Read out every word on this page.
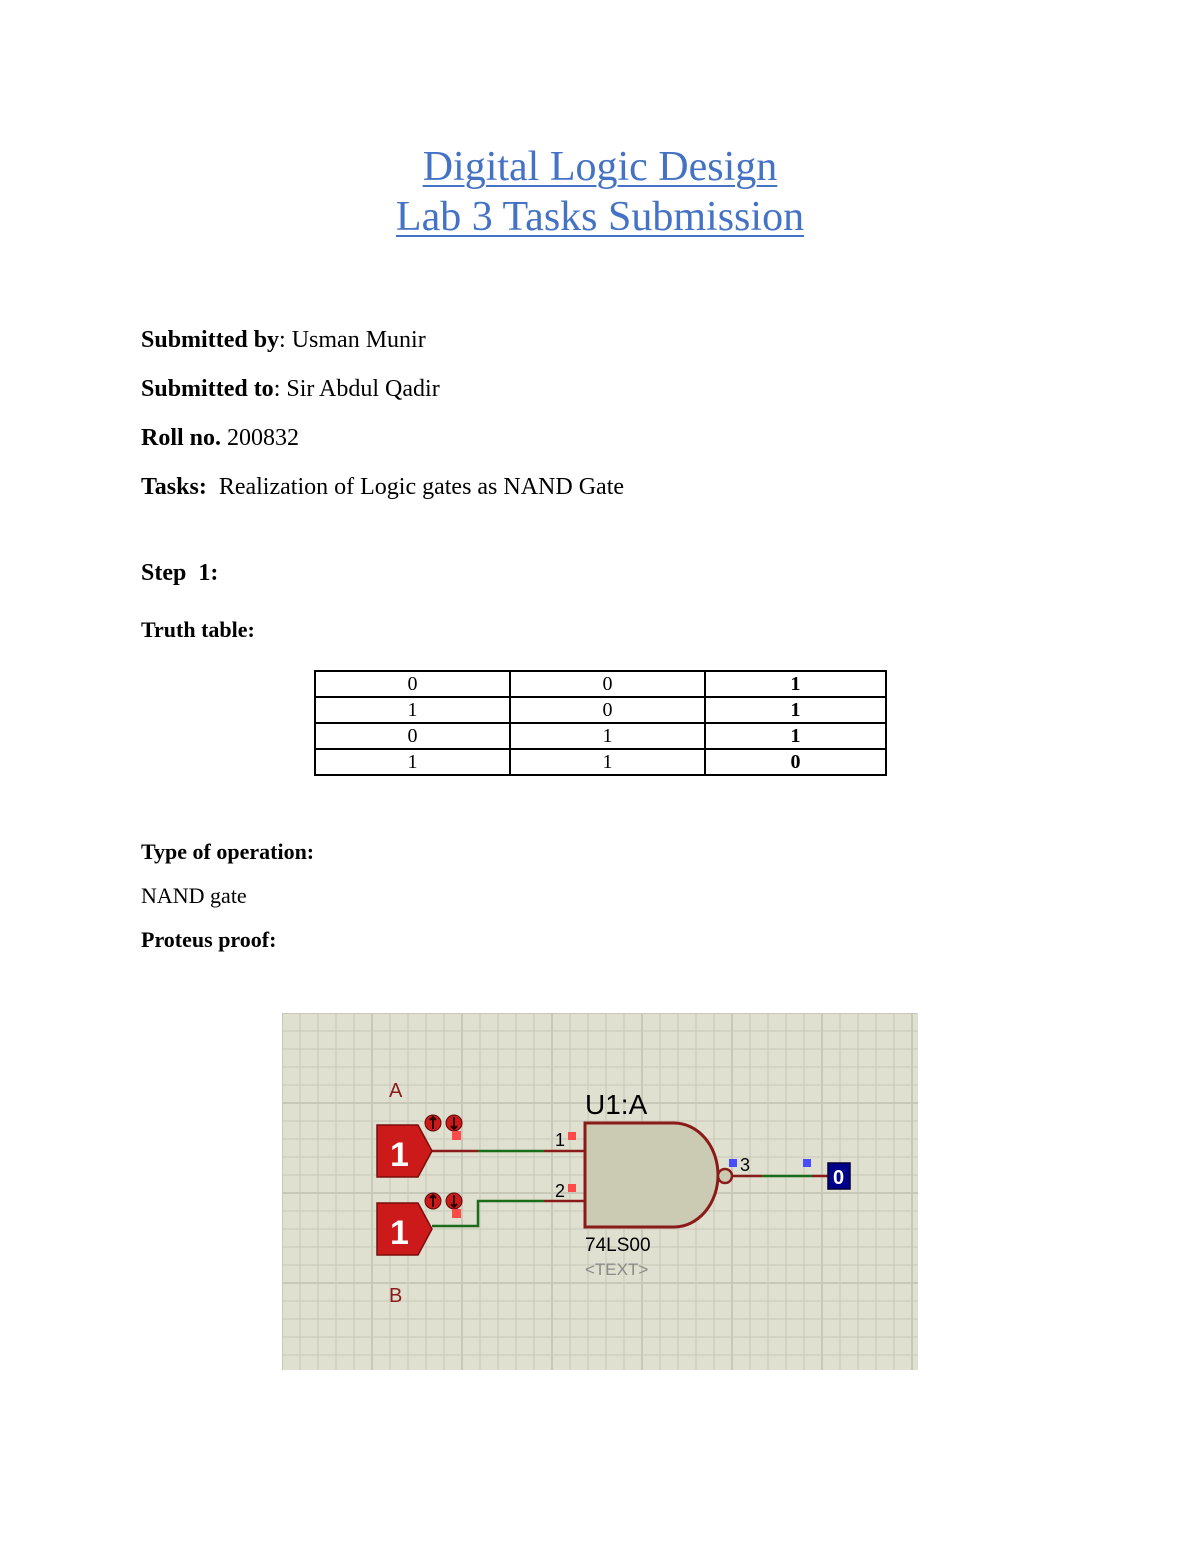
Digital Logic Design
Lab 3 Tasks Submission
Submitted by: Usman Munir
Submitted to: Sir Abdul Qadir
Roll no. 200832
Tasks:  Realization of Logic gates as NAND Gate
Step  1:
Truth table:
0	0	1
1	0	1
0	1	1
1	1	0
Type of operation:
NAND gate
Proteus proof:
1
1
0
A
B
U1:A
1
2
3
74LS00
<TEXT>
